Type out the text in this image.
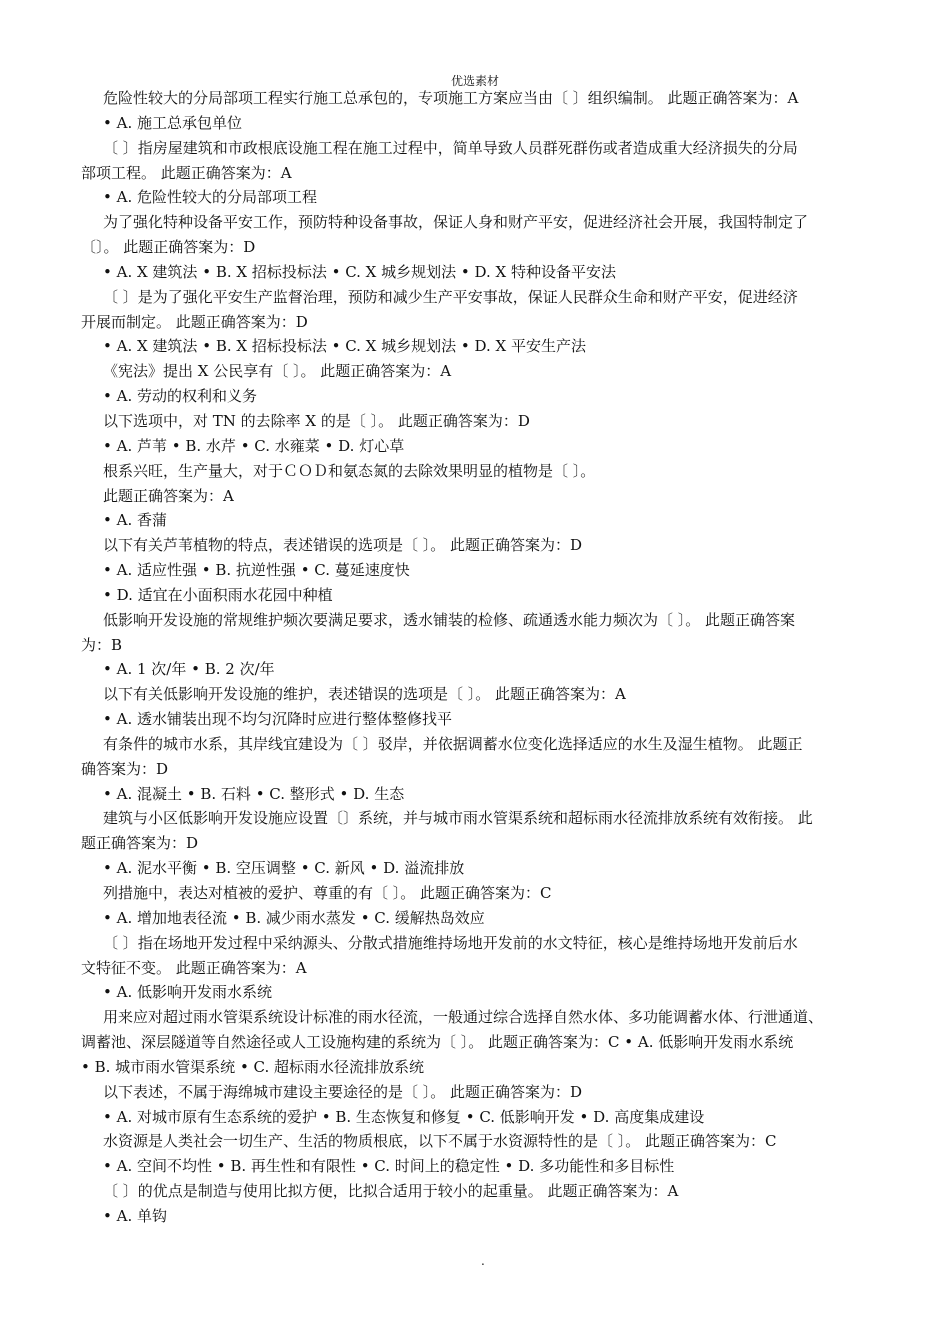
优选素材
危险性较大的分局部项工程实行施工总承包的，专项施工方案应当由〔 〕组织编制。 此题正确答案为：A
• A. 施工总承包单位
〔 〕指房屋建筑和市政根底设施工程在施工过程中，简单导致人员群死群伤或者造成重大经济损失的分局
部项工程。 此题正确答案为：A
• A. 危险性较大的分局部项工程
为了强化特种设备平安工作，预防特种设备事故，保证人身和财产平安，促进经济社会开展，我国特制定了
〔〕。 此题正确答案为：D
• A. X 建筑法 • B. X 招标投标法 • C. X 城乡规划法 • D. X 特种设备平安法
〔 〕是为了强化平安生产监督治理，预防和减少生产平安事故，保证人民群众生命和财产平安，促进经济
开展而制定。 此题正确答案为：D
• A. X 建筑法 • B. X 招标投标法 • C. X 城乡规划法 • D. X 平安生产法
《宪法》提出 X 公民享有〔 〕。 此题正确答案为：A
• A. 劳动的权利和义务
以下选项中，对 TN 的去除率 X 的是〔 〕。 此题正确答案为：D
• A. 芦苇 • B. 水芹 • C. 水雍菜 • D. 灯心草
根系兴旺，生产量大，对于ＣＯＤ和氨态氮的去除效果明显的植物是〔 〕。
此题正确答案为：A
• A. 香蒲
以下有关芦苇植物的特点，表述错误的选项是〔 〕。 此题正确答案为：D
• A. 适应性强 • B. 抗逆性强 • C. 蔓延速度快
• D. 适宜在小面积雨水花园中种植
低影响开发设施的常规维护频次要满足要求，透水铺装的检修、疏通透水能力频次为〔 〕。 此题正确答案
为：B
• A. 1 次/年 • B. 2 次/年
以下有关低影响开发设施的维护，表述错误的选项是〔 〕。 此题正确答案为：A
• A. 透水铺装出现不均匀沉降时应进行整体整修找平
有条件的城市水系，其岸线宜建设为〔 〕驳岸，并依据调蓄水位变化选择适应的水生及湿生植物。 此题正
确答案为：D
• A. 混凝土 • B. 石料 • C. 整形式 • D. 生态
建筑与小区低影响开发设施应设置〔〕系统，并与城市雨水管渠系统和超标雨水径流排放系统有效衔接。 此
题正确答案为：D
• A. 泥水平衡 • B. 空压调整 • C. 新风 • D. 溢流排放
列措施中，表达对植被的爱护、尊重的有〔 〕。 此题正确答案为：C
• A. 增加地表径流 • B. 减少雨水蒸发 • C. 缓解热岛效应
〔 〕指在场地开发过程中采纳源头、分散式措施维持场地开发前的水文特征，核心是维持场地开发前后水
文特征不变。 此题正确答案为：A
• A. 低影响开发雨水系统
用来应对超过雨水管渠系统设计标准的雨水径流，一般通过综合选择自然水体、多功能调蓄水体、行泄通道、
调蓄池、深层隧道等自然途径或人工设施构建的系统为〔 〕。 此题正确答案为：C • A. 低影响开发雨水系统
• B. 城市雨水管渠系统 • C. 超标雨水径流排放系统
以下表述，不属于海绵城市建设主要途径的是〔 〕。 此题正确答案为：D
• A. 对城市原有生态系统的爱护 • B. 生态恢复和修复 • C. 低影响开发 • D. 高度集成建设
水资源是人类社会一切生产、生活的物质根底，以下不属于水资源特性的是〔 〕。 此题正确答案为：C
• A. 空间不均性 • B. 再生性和有限性 • C. 时间上的稳定性 • D. 多功能性和多目标性
〔 〕的优点是制造与使用比拟方便，比拟合适用于较小的起重量。 此题正确答案为：A
• A. 单钩
.
